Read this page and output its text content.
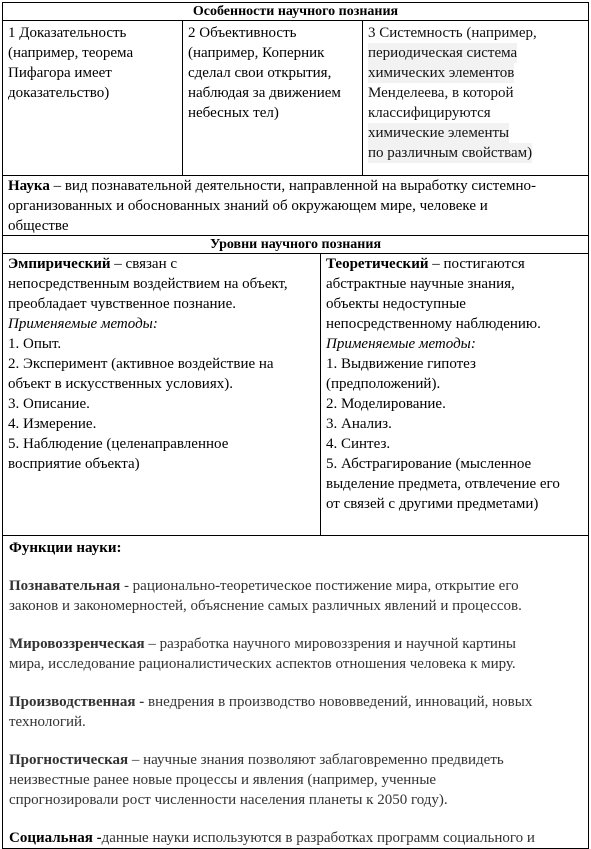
Особенности научного познания
1 Доказательность
(например, теорема
Пифагора имеет
доказательство)
2 Объективность
(например, Коперник
сделал свои открытия,
наблюдая за движением
небесных тел)
3 Системность (например,
периодическая система химических элементов
Менделеева, в которой
классифицируются
химические элементы по различным свойствам)
Наука – вид познавательной деятельности, направленной на выработку системно-
организованных и обоснованных знаний об окружающем мире, человеке и
обществе
Уровни научного познания
Эмпирический – связан с
непосредственным воздействием на объект,
преобладает чувственное познание.
Применяемые методы:
1. Опыт.
2. Эксперимент (активное воздействие на
объект в искусственных условиях).
3. Описание.
4. Измерение.
5. Наблюдение (целенаправленное
восприятие объекта)
Теоретический – постигаются
абстрактные научные знания,
объекты недоступные
непосредственному наблюдению.
Применяемые методы:
1. Выдвижение гипотез
(предположений).
2. Моделирование.
3. Анализ.
4. Синтез.
5. Абстрагирование (мысленное
выделение предмета, отвлечение его
от связей с другими предметами)

Функции науки:

Познавательная - рационально-теоретическое постижение мира, открытие его

законов и закономерностей, объяснение самых различных явлений и процессов.

Мировоззренческая – разработка научного мировоззрения и научной картины

мира, исследование рационалистических аспектов отношения человека к миру.

Производственная - внедрения в производство нововведений, инноваций, новых

технологий.

Прогностическая – научные знания позволяют заблаговременно предвидеть

неизвестные ранее новые процессы и явления (например, ученные

спрогнозировали рост численности населения планеты к 2050 году).

Социальная -данные науки используются в разработках программ социального и
